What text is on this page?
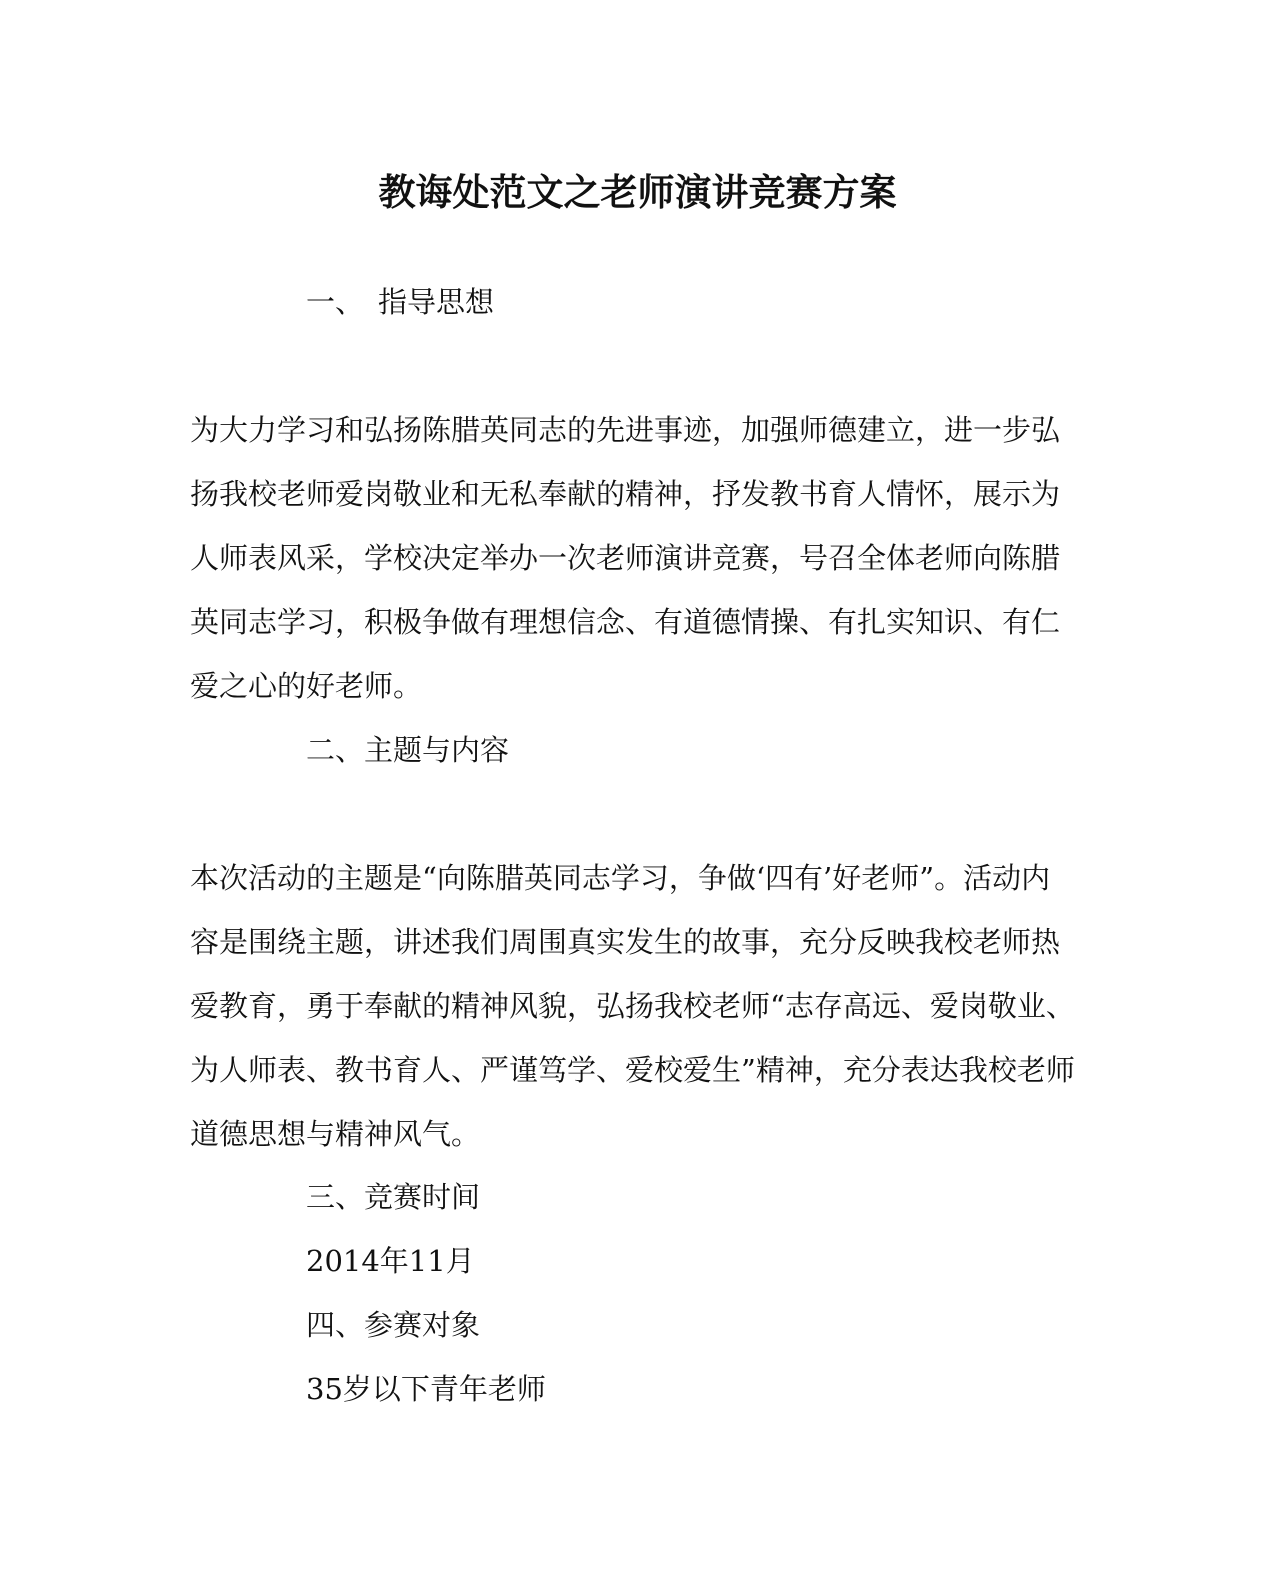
教诲处范文之老师演讲竞赛方案
一、 指导思想
为大力学习和弘扬陈腊英同志的先进事迹，加强师德建立，进一步弘
扬我校老师爱岗敬业和无私奉献的精神，抒发教书育人情怀，展示为
人师表风采，学校决定举办一次老师演讲竞赛，号召全体老师向陈腊
英同志学习，积极争做有理想信念、有道德情操、有扎实知识、有仁
爱之心的好老师。
二、主题与内容
本次活动的主题是“向陈腊英同志学习，争做‘四有’好老师”。活动内
容是围绕主题，讲述我们周围真实发生的故事，充分反映我校老师热
爱教育，勇于奉献的精神风貌，弘扬我校老师“志存高远、爱岗敬业、
为人师表、教书育人、严谨笃学、爱校爱生”精神，充分表达我校老师
道德思想与精神风气。
三、竞赛时间
2014年11月
四、参赛对象
35岁以下青年老师
